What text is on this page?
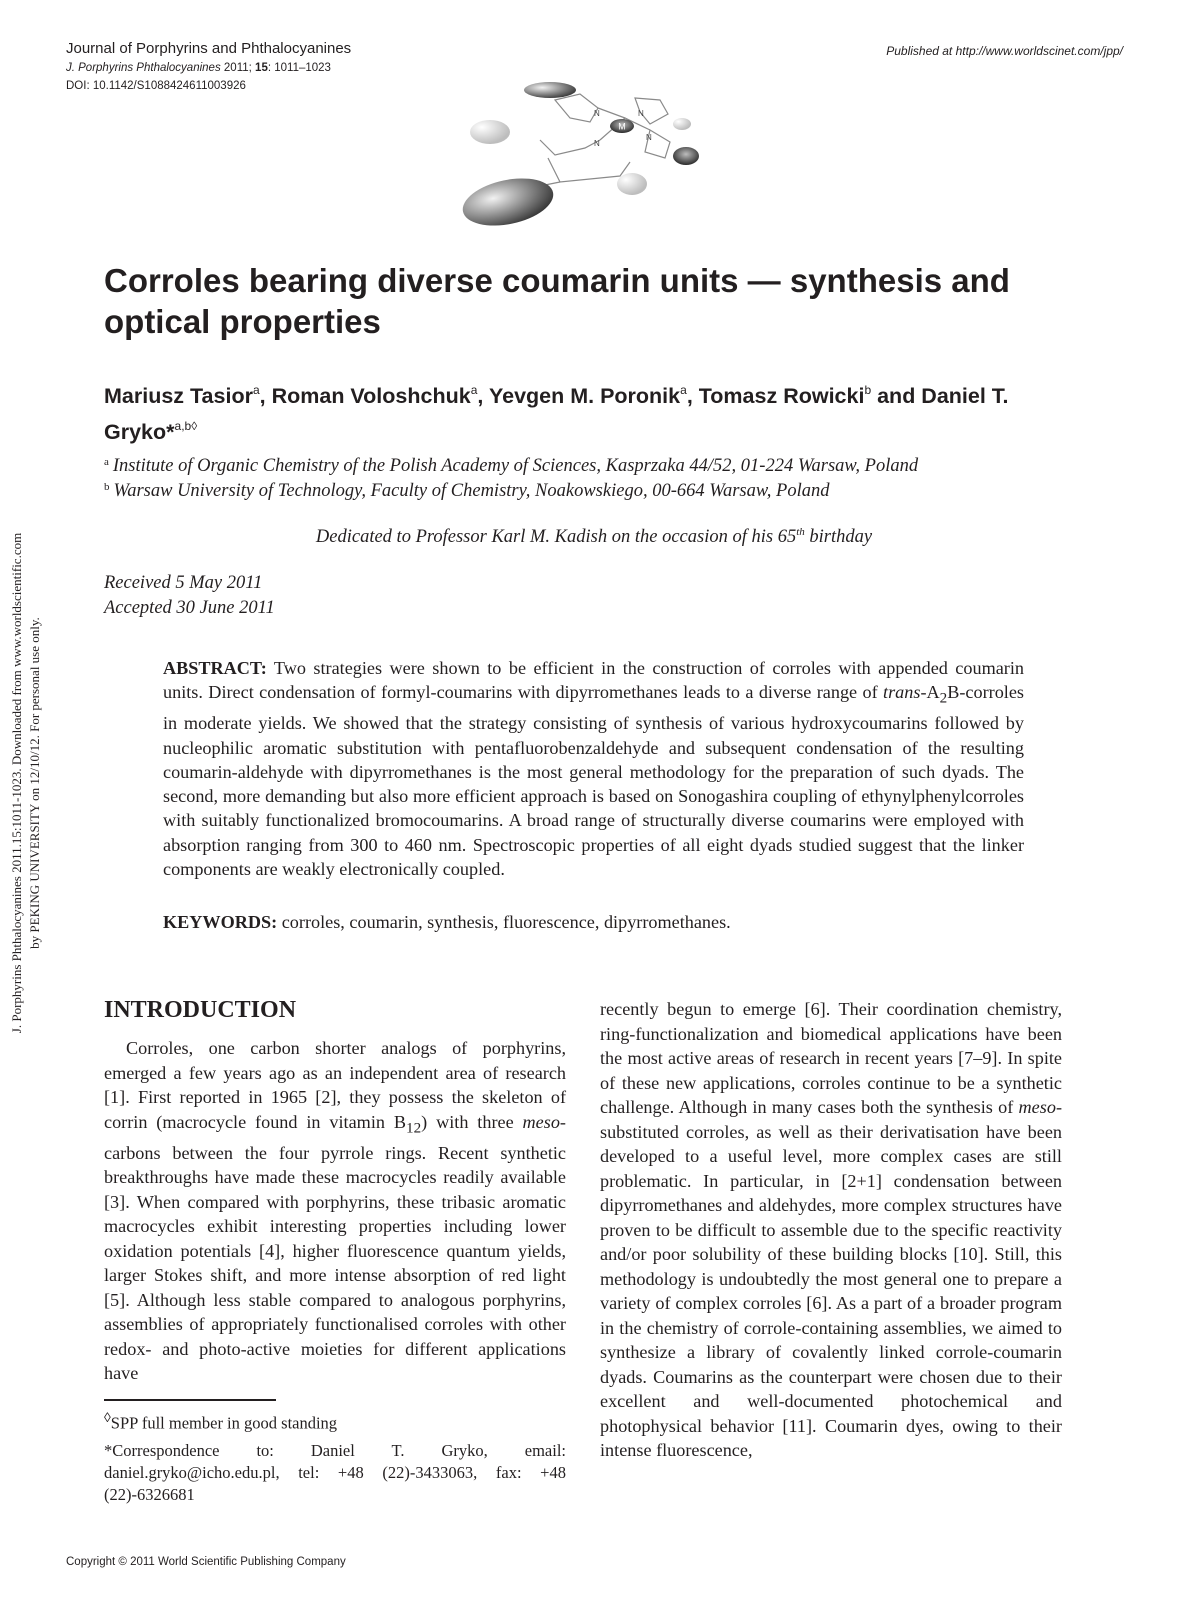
Journal of Porphyrins and Phthalocyanines
J. Porphyrins Phthalocyanines 2011; 15: 1011–1023
DOI: 10.1142/S1088424611003926
Published at http://www.worldscinet.com/jpp/
M
N	N
N
N
J. Porphyrins Phthalocyanines 2011.15:1011-1023. Downloaded from www.worldscientific.com by PEKING UNIVERSITY on 12/10/12. For personal use only.
Corroles bearing diverse coumarin units — synthesis and optical properties
Mariusz Tasior$^a$, Roman Voloshchuk$^a$, Yevgen M. Poronik$^a$, Tomasz Rowicki$^b$ and Daniel T. Gryko*$^{a,b◊}$
$^a$ Institute of Organic Chemistry of the Polish Academy of Sciences, Kasprzaka 44/52, 01-224 Warsaw, Poland
$^b$ Warsaw University of Technology, Faculty of Chemistry, Noakowskiego, 00-664 Warsaw, Poland
Dedicated to Professor Karl M. Kadish on the occasion of his 65th birthday
Received 5 May 2011
Accepted 30 June 2011
ABSTRACT: Two strategies were shown to be efficient in the construction of corroles with appended coumarin units. Direct condensation of formyl-coumarins with dipyrromethanes leads to a diverse range of trans-$A_2B$-corroles in moderate yields. We showed that the strategy consisting of synthesis of various hydroxycoumarins followed by nucleophilic aromatic substitution with pentafluorobenzaldehyde and subsequent condensation of the resulting coumarin-aldehyde with dipyrromethanes is the most general methodology for the preparation of such dyads. The second, more demanding but also more efficient approach is based on Sonogashira coupling of ethynylphenylcorroles with suitably functionalized bromocoumarins. A broad range of structurally diverse coumarins were employed with absorption ranging from 300 to 460 nm. Spectroscopic properties of all eight dyads studied suggest that the linker components are weakly electronically coupled.
KEYWORDS: corroles, coumarin, synthesis, fluorescence, dipyrromethanes.
INTRODUCTION

Corroles, one carbon shorter analogs of porphyrins, emerged a few years ago as an independent area of research [1]. First reported in 1965 [2], they possess the skeleton of corrin (macrocycle found in vitamin $B_{12}$) with three meso-carbons between the four pyrrole rings. Recent synthetic breakthroughs have made these macrocycles readily available [3]. When compared with porphyrins, these tribasic aromatic macrocycles exhibit interesting properties including lower oxidation potentials [4], higher fluorescence quantum yields, larger Stokes shift, and more intense absorption of red light [5]. Although less stable compared to analogous porphyrins, assemblies of appropriately functionalised corroles with other redox- and photo-active moieties for different applications have

recently begun to emerge [6]. Their coordination chemistry, ring-functionalization and biomedical applications have been the most active areas of research in recent years [7–9]. In spite of these new applications, corroles continue to be a synthetic challenge. Although in many cases both the synthesis of meso-substituted corroles, as well as their derivatisation have been developed to a useful level, more complex cases are still problematic. In particular, in [2+1] condensation between dipyrromethanes and aldehydes, more complex structures have proven to be difficult to assemble due to the specific reactivity and/or poor solubility of these building blocks [10]. Still, this methodology is undoubtedly the most general one to prepare a variety of complex corroles [6]. As a part of a broader program in the chemistry of corrole-containing assemblies, we aimed to synthesize a library of covalently linked corrole-coumarin dyads. Coumarins as the counterpart were chosen due to their excellent and well-documented photochemical and photophysical behavior [11]. Coumarin dyes, owing to their intense fluorescence,

◊SPP full member in good standing
*Correspondence to: Daniel T. Gryko, email: daniel.gryko@icho.edu.pl, tel: +48 (22)-3433063, fax: +48 (22)-6326681
Copyright © 2011 World Scientific Publishing Company
